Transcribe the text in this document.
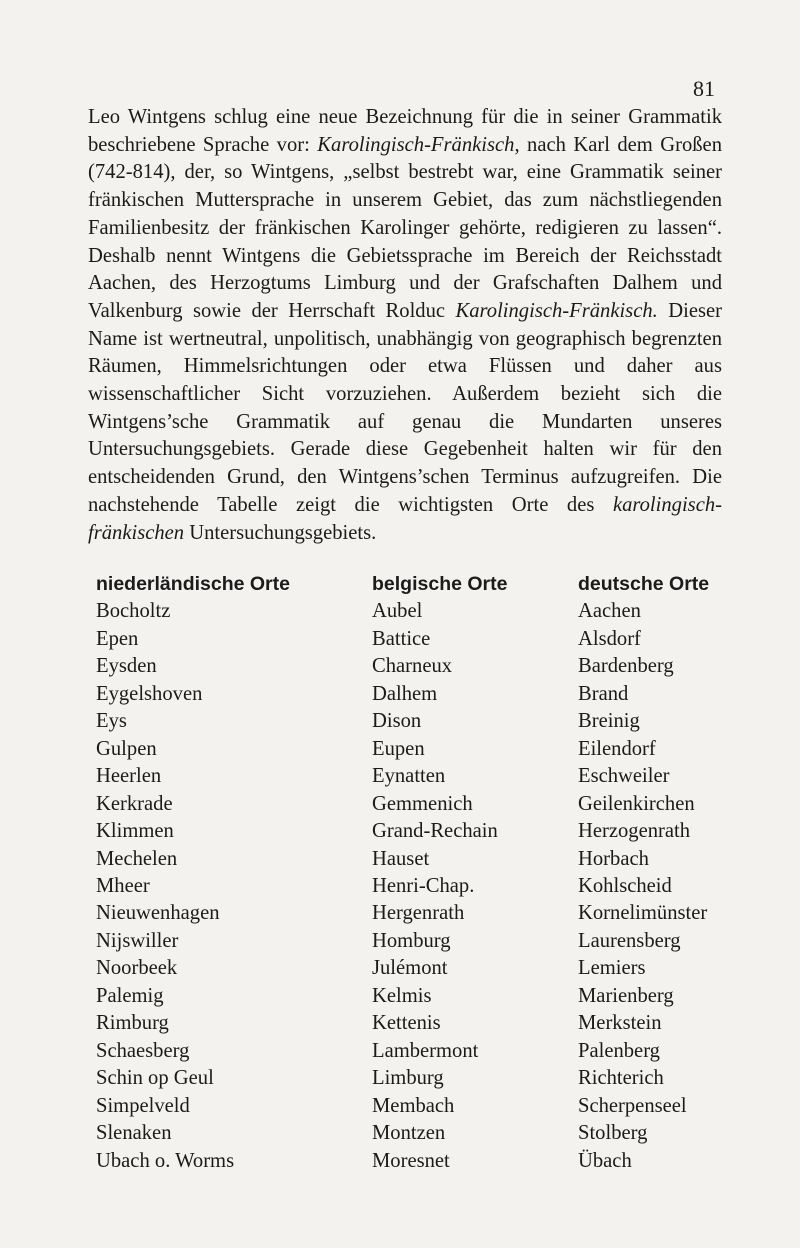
81

Leo Wintgens schlug eine neue Bezeichnung für die in seiner Grammatik beschriebene Sprache vor: Karolingisch-Fränkisch, nach Karl dem Großen (742-814), der, so Wintgens, „selbst bestrebt war, eine Grammatik seiner fränkischen Muttersprache in unserem Gebiet, das zum nächstliegenden Familienbesitz der fränkischen Karolinger gehörte, redigieren zu lassen“. Deshalb nennt Wintgens die Gebietssprache im Bereich der Reichsstadt Aachen, des Herzogtums Limburg und der Grafschaften Dalhem und Valkenburg sowie der Herrschaft Rolduc Karolingisch-Fränkisch. Dieser Name ist wertneutral, unpolitisch, unabhängig von geographisch begrenzten Räumen, Himmelsrichtungen oder etwa Flüssen und daher aus wissenschaftlicher Sicht vorzuziehen. Außerdem bezieht sich die Wintgens’sche Grammatik auf genau die Mundarten unseres Untersuchungsgebiets. Gerade diese Gegebenheit halten wir für den entscheidenden Grund, den Wintgens’schen Terminus aufzugreifen. Die nachstehende Tabelle zeigt die wichtigsten Orte des karolingisch-fränkischen Untersuchungsgebiets.

niederländische Orte
Bocholtz
Epen
Eysden
Eygelshoven
Eys
Gulpen
Heerlen
Kerkrade
Klimmen
Mechelen
Mheer
Nieuwenhagen
Nijswiller
Noorbeek
Palemig
Rimburg
Schaesberg
Schin op Geul
Simpelveld
Slenaken
Ubach o. Worms
belgische Orte
Aubel
Battice
Charneux
Dalhem
Dison
Eupen
Eynatten
Gemmenich
Grand-Rechain
Hauset
Henri-Chap.
Hergenrath
Homburg
Julémont
Kelmis
Kettenis
Lambermont
Limburg
Membach
Montzen
Moresnet
deutsche Orte
Aachen
Alsdorf
Bardenberg
Brand
Breinig
Eilendorf
Eschweiler
Geilenkirchen
Herzogenrath
Horbach
Kohlscheid
Kornelimünster
Laurensberg
Lemiers
Marienberg
Merkstein
Palenberg
Richterich
Scherpenseel
Stolberg
Übach
